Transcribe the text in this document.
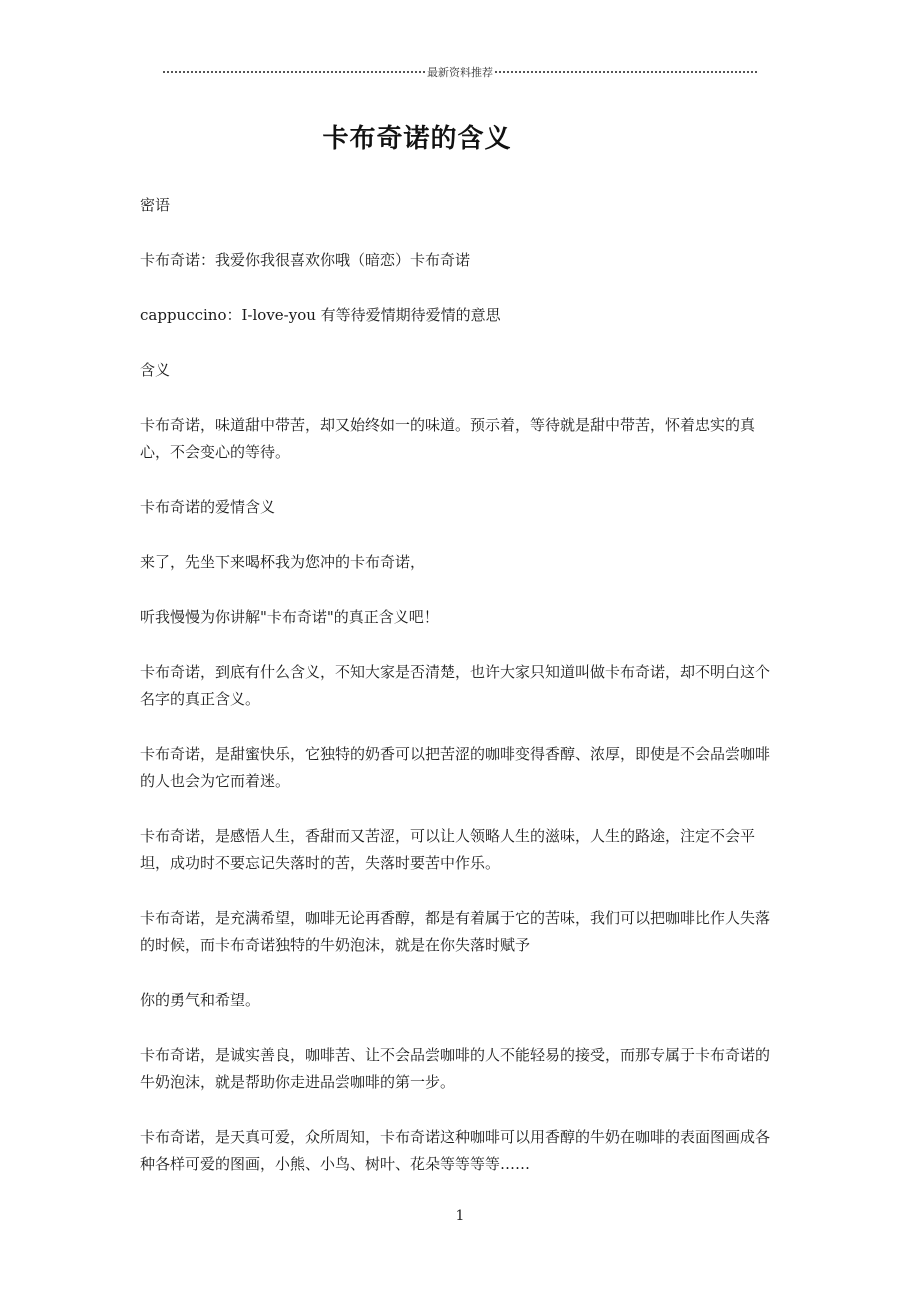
最新资料推荐
卡布奇诺的含义

密语

卡布奇诺：我爱你我很喜欢你哦（暗恋）卡布奇诺

cappuccino：I-love-you 有等待爱情期待爱情的意思

含义

卡布奇诺，味道甜中带苦，却又始终如一的味道。预示着，等待就是甜中带苦，怀着忠实的真心，不会变心的等待。

卡布奇诺的爱情含义

来了，先坐下来喝杯我为您冲的卡布奇诺，

听我慢慢为你讲解"卡布奇诺"的真正含义吧！

卡布奇诺，到底有什么含义，不知大家是否清楚，也许大家只知道叫做卡布奇诺，却不明白这个名字的真正含义。

卡布奇诺，是甜蜜快乐，它独特的奶香可以把苦涩的咖啡变得香醇、浓厚，即使是不会品尝咖啡的人也会为它而着迷。

卡布奇诺，是感悟人生，香甜而又苦涩，可以让人领略人生的滋味，人生的路途，注定不会平坦，成功时不要忘记失落时的苦，失落时要苦中作乐。

卡布奇诺，是充满希望，咖啡无论再香醇，都是有着属于它的苦味，我们可以把咖啡比作人失落的时候，而卡布奇诺独特的牛奶泡沫，就是在你失落时赋予

你的勇气和希望。

卡布奇诺，是诚实善良，咖啡苦、让不会品尝咖啡的人不能轻易的接受，而那专属于卡布奇诺的牛奶泡沫，就是帮助你走进品尝咖啡的第一步。

卡布奇诺，是天真可爱，众所周知，卡布奇诺这种咖啡可以用香醇的牛奶在咖啡的表面图画成各种各样可爱的图画，小熊、小鸟、树叶、花朵等等等等……

1
